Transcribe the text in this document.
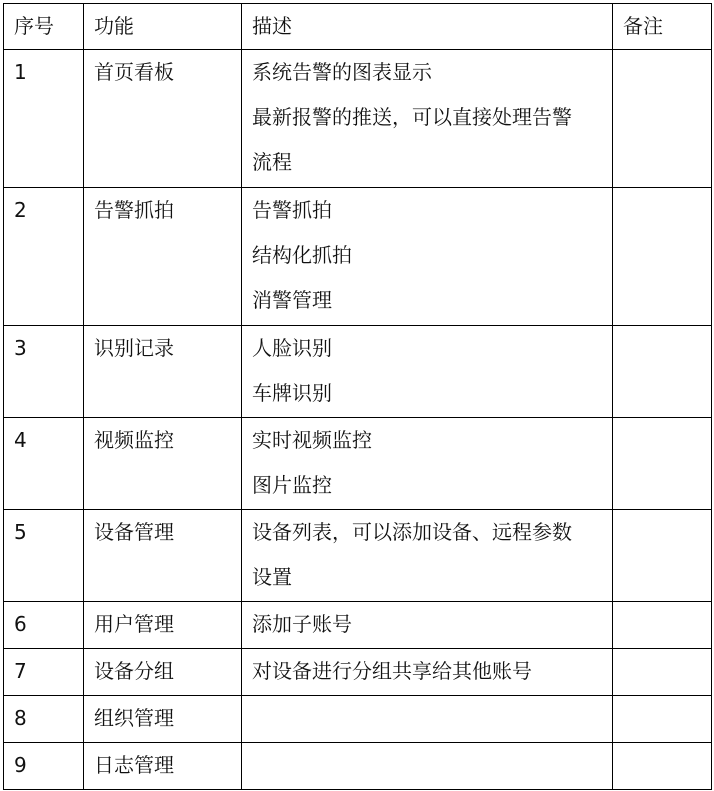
序号	功能	描述	备注

1	首页看板	系统告警的图表显示
最新报警的推送，可以直接处理告警
流程	

2	告警抓拍	告警抓拍
结构化抓拍
消警管理	

3	识别记录	人脸识别
车牌识别	

4	视频监控	实时视频监控
图片监控	

5	设备管理	设备列表，可以添加设备、远程参数
设置	

6	用户管理	添加子账号	

7	设备分组	对设备进行分组共享给其他账号	

8	组织管理		

9	日志管理		
